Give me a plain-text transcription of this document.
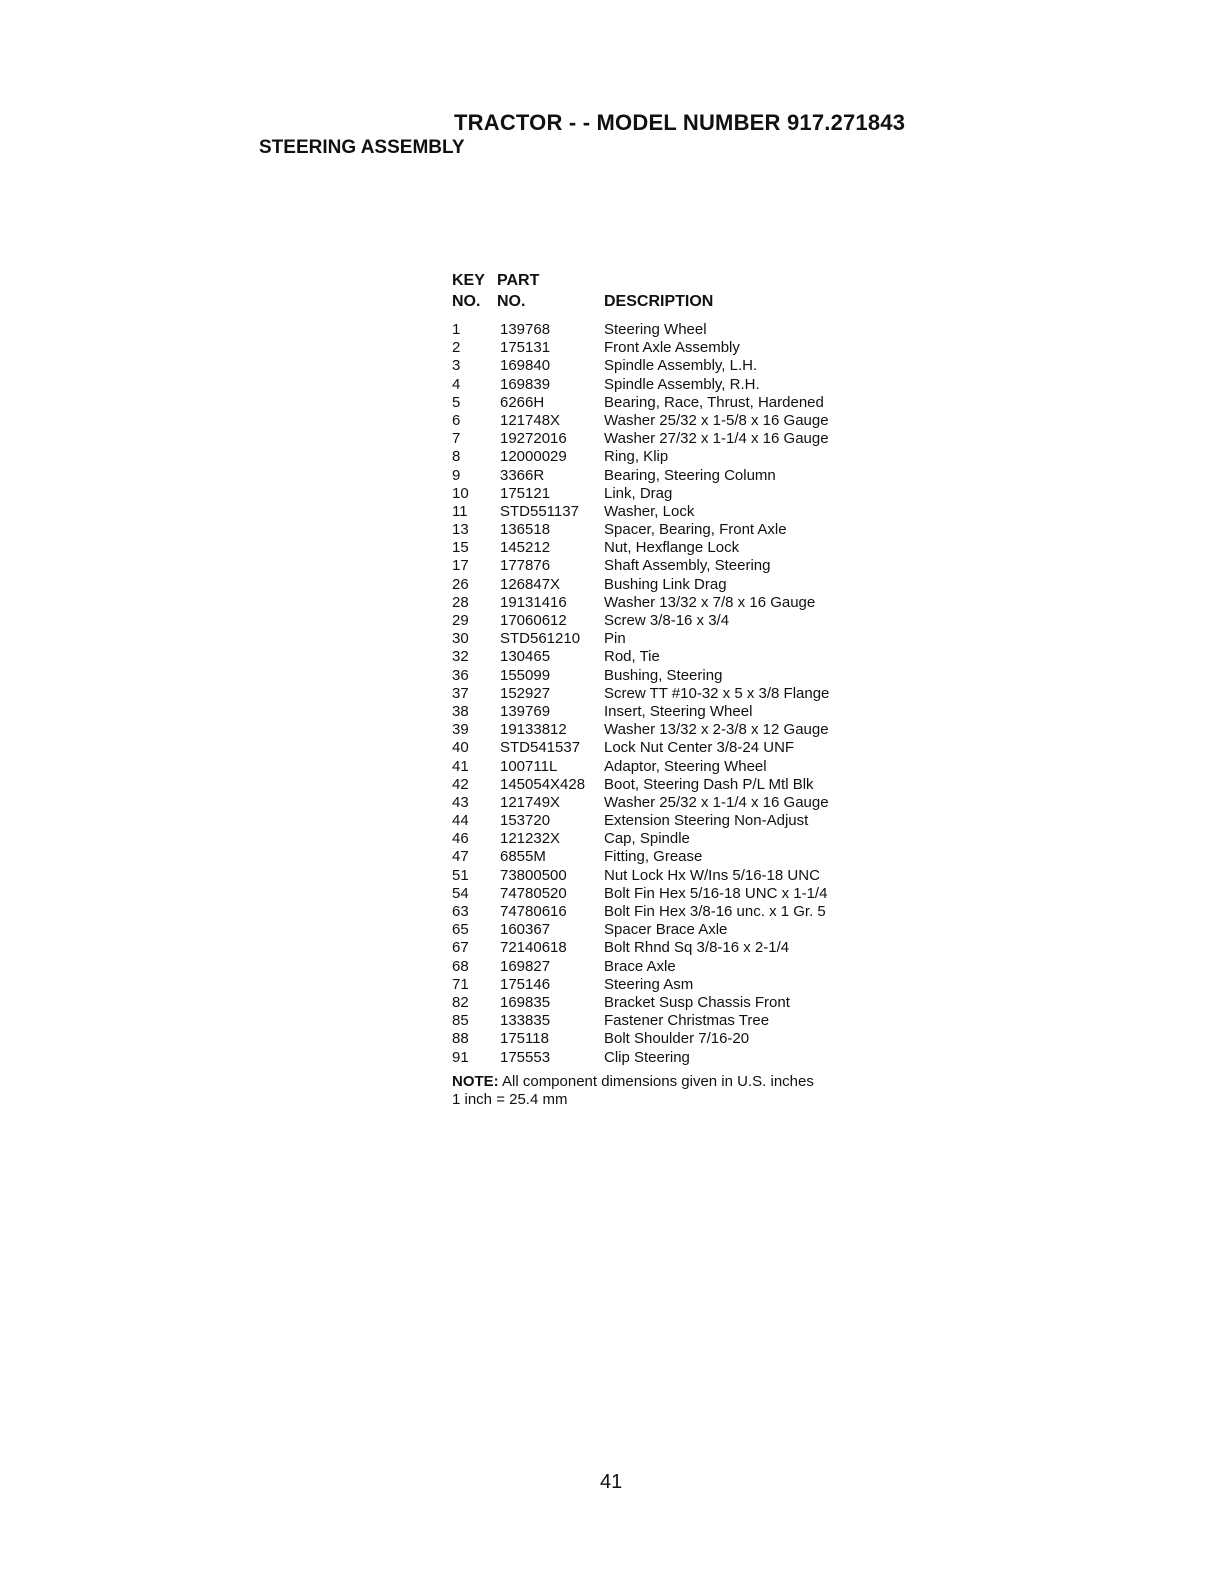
TRACTOR - - MODEL NUMBER 917.271843
STEERING ASSEMBLY
KEY PART
NO. NO.	DESCRIPTION
1	139768	Steering Wheel
2	175131	Front Axle Assembly
3	169840	Spindle Assembly, L.H.
4	169839	Spindle Assembly, R.H.
5	6266H	Bearing, Race, Thrust, Hardened
6	121748X	Washer 25/32 x 1-5/8 x 16 Gauge
7	19272016 Washer 27/32 x 1-1/4 x 16 Gauge
8	12000029 Ring, Klip
9	3366R	Bearing, Steering Column
10 175121	Link, Drag
11 STD551137 Washer, Lock
13 136518	Spacer, Bearing, Front Axle
15 145212	Nut, Hexflange Lock
17 177876	Shaft Assembly, Steering
26 126847X	Bushing Link Drag
28 19131416 Washer 13/32 x 7/8 x 16 Gauge
29 17060612 Screw 3/8-16 x 3/4
30 STD561210 Pin
32 130465	Rod, Tie
36 155099	Bushing, Steering
37 152927	Screw TT #10-32 x 5 x 3/8 Flange
38 139769	Insert, Steering Wheel
39 19133812 Washer 13/32 x 2-3/8 x 12 Gauge
40 STD541537 Lock Nut Center 3/8-24 UNF
41 100711L	Adaptor, Steering Wheel
42 145054X428 Boot, Steering Dash P/L Mtl Blk
43 121749X	Washer 25/32 x 1-1/4 x 16 Gauge
44 153720	Extension Steering Non-Adjust
46 121232X	Cap, Spindle
47 6855M	Fitting, Grease
51 73800500 Nut Lock Hx W/Ins 5/16-18 UNC
54 74780520 Bolt Fin Hex 5/16-18 UNC x 1-1/4
63 74780616 Bolt Fin Hex 3/8-16 unc. x 1 Gr. 5
65 160367	Spacer Brace Axle
67 72140618 Bolt Rhnd Sq 3/8-16 x 2-1/4
68 169827	Brace Axle
71 175146	Steering Asm
82 169835	Bracket Susp Chassis Front
85 133835	Fastener Christmas Tree
88 175118	Bolt Shoulder 7/16-20
91 175553	Clip Steering
NOTE: All component dimensions given in U.S. inches
1 inch = 25.4 mm
41
